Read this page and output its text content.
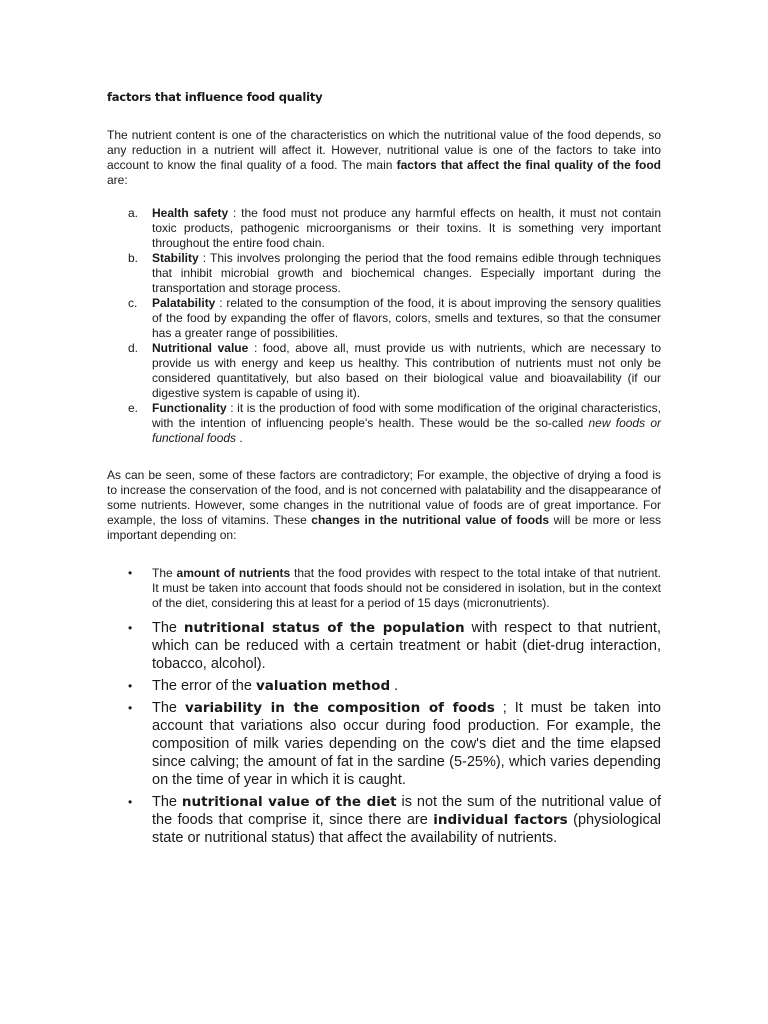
factors that influence food quality

The nutrient content is one of the characteristics on which the nutritional value of the food depends, so any reduction in a nutrient will affect it. However, nutritional value is one of the factors to take into account to know the final quality of a food. The main factors that affect the final quality of the food are:

a. Health safety : the food must not produce any harmful effects on health, it must not contain toxic products, pathogenic microorganisms or their toxins. It is something very important throughout the entire food chain.
b. Stability : This involves prolonging the period that the food remains edible through techniques that inhibit microbial growth and biochemical changes. Especially important during the transportation and storage process.
c. Palatability : related to the consumption of the food, it is about improving the sensory qualities of the food by expanding the offer of flavors, colors, smells and textures, so that the consumer has a greater range of possibilities.
d. Nutritional value : food, above all, must provide us with nutrients, which are necessary to provide us with energy and keep us healthy. This contribution of nutrients must not only be considered quantitatively, but also based on their biological value and bioavailability (if our digestive system is capable of using it).
e. Functionality : it is the production of food with some modification of the original characteristics, with the intention of influencing people's health. These would be the so-called new foods or functional foods .

As can be seen, some of these factors are contradictory; For example, the objective of drying a food is to increase the conservation of the food, and is not concerned with palatability and the disappearance of some nutrients. However, some changes in the nutritional value of foods are of great importance. For example, the loss of vitamins. These changes in the nutritional value of foods will be more or less important depending on:

• The amount of nutrients that the food provides with respect to the total intake of that nutrient. It must be taken into account that foods should not be considered in isolation, but in the context of the diet, considering this at least for a period of 15 days (micronutrients).
• The nutritional status of the population with respect to that nutrient, which can be reduced with a certain treatment or habit (diet-drug interaction, tobacco, alcohol).
• The error of the valuation method .
• The variability in the composition of foods ; It must be taken into account that variations also occur during food production. For example, the composition of milk varies depending on the cow's diet and the time elapsed since calving; the amount of fat in the sardine (5-25%), which varies depending on the time of year in which it is caught.
• The nutritional value of the diet is not the sum of the nutritional value of the foods that comprise it, since there are individual factors (physiological state or nutritional status) that affect the availability of nutrients.
